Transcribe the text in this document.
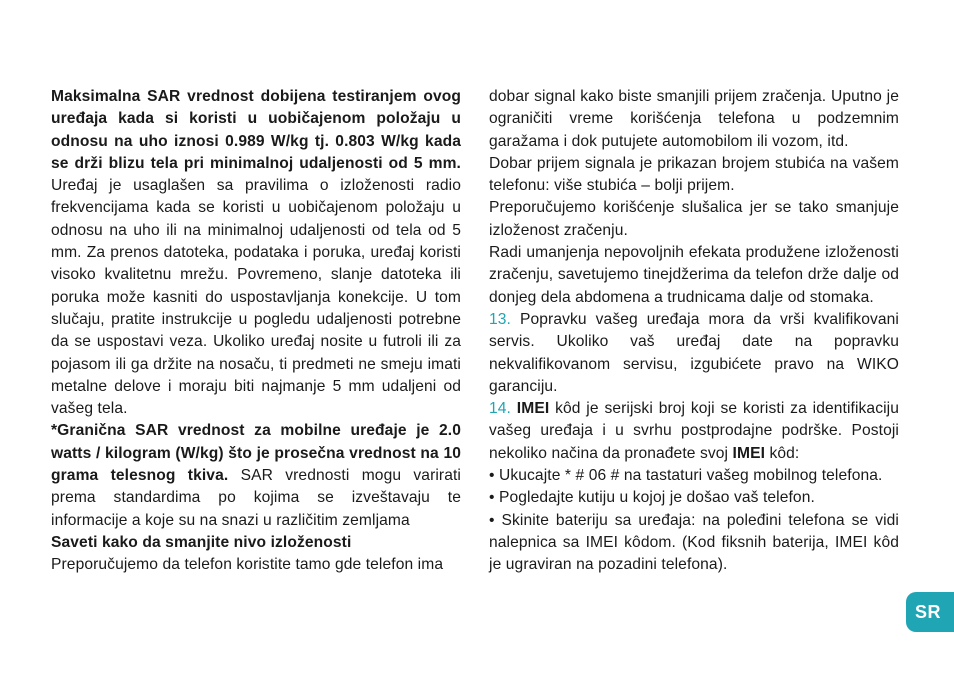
Maksimalna SAR vrednost dobijena testiranjem ovog uređaja kada si koristi u uobičajenom položaju u odnosu na uho iznosi 0.989 W/kg tj. 0.803 W/kg kada se drži blizu tela pri minimalnoj udaljenosti od 5 mm. Uređaj je usaglašen sa pravilima o izloženosti radio frekvencijama kada se koristi u uobičajenom položaju u odnosu na uho ili na minimalnoj udaljenosti od tela od 5 mm. Za prenos datoteka, podataka i poruka, uređaj koristi visoko kvalitetnu mrežu. Povremeno, slanje datoteka ili poruka može kasniti do uspostavljanja konekcije. U tom slučaju, pratite instrukcije u pogledu udaljenosti potrebne da se uspostavi veza. Ukoliko uređaj nosite u futroli ili za pojasom ili ga držite na nosaču, ti predmeti ne smeju imati metalne delove i moraju biti najmanje 5 mm udaljeni od vašeg tela.

*Granična SAR vrednost za mobilne uređaje je 2.0 watts / kilogram (W/kg) što je prosečna vrednost na 10 grama telesnog tkiva. SAR vrednosti mogu varirati prema standardima po kojima se izveštavaju te informacije a koje su na snazi u različitim zemljama

Saveti kako da smanjite nivo izloženosti

Preporučujemo da telefon koristite tamo gde telefon ima

dobar signal kako biste smanjili prijem zračenja. Uputno je ograničiti vreme korišćenja telefona u podzemnim garažama i dok putujete automobilom ili vozom, itd.

Dobar prijem signala je prikazan brojem stubića na vašem telefonu: više stubića – bolji prijem.

Preporučujemo korišćenje slušalica jer se tako smanjuje izloženost zračenju.

Radi umanjenja nepovoljnih efekata produžene izloženosti zračenju, savetujemo tinejdžerima da telefon drže dalje od donjeg dela abdomena a trudnicama dalje od stomaka.

13. Popravku vašeg uređaja mora da vrši kvalifikovani servis. Ukoliko vaš uređaj date na popravku nekvalifikovanom servisu, izgubićete pravo na WIKO garanciju.

14. IMEI kôd je serijski broj koji se koristi za identifikaciju vašeg uređaja i u svrhu postprodajne podrške. Postoji nekoliko načina da pronađete svoj IMEI kôd:

• Ukucajte * # 06 # na tastaturi vašeg mobilnog telefona.

• Pogledajte kutiju u kojoj je došao vaš telefon.

• Skinite bateriju sa uređaja: na poleđini telefona se vidi nalepnica sa IMEI kôdom. (Kod fiksnih baterija, IMEI kôd je ugraviran na pozadini telefona).

SR
